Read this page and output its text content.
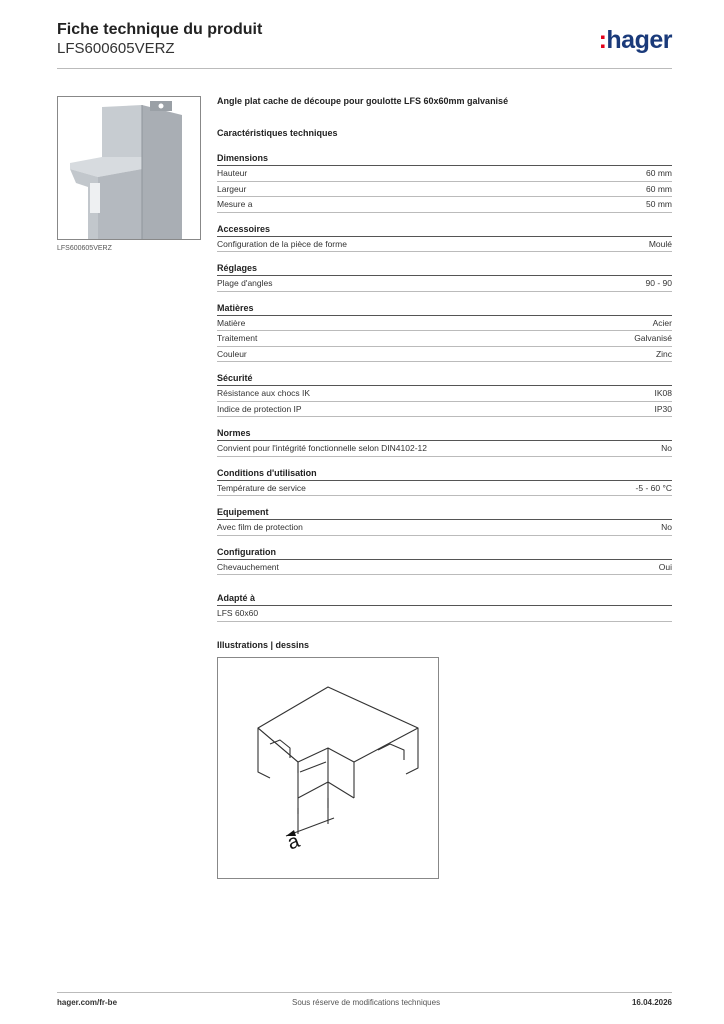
Fiche technique du produit

LFS600605VERZ	:hager
LFS600605VERZ

Angle plat cache de découpe pour goulotte LFS 60x60mm galvanisé

Caractéristiques techniques

Dimensions

Hauteur	60 mm
Largeur	60 mm
Mesure a	50 mm

Accessoires

Configuration de la pièce de forme	Moulé

Réglages

Plage d'angles	90 - 90

Matières

Matière	Acier
Traitement	Galvanisé
Couleur	Zinc

Sécurité

Résistance aux chocs IK	IK08
Indice de protection IP	IP30

Normes

Convient pour l'intégrité fonctionnelle selon DIN4102-12	No

Conditions d'utilisation

Température de service	-5 - 60 °C

Equipement

Avec film de protection	No

Configuration

Chevauchement	Oui

Adapté à

LFS 60x60

Illustrations | dessins

a
hager.com/fr-be	Sous réserve de modifications techniques	16.04.2026
